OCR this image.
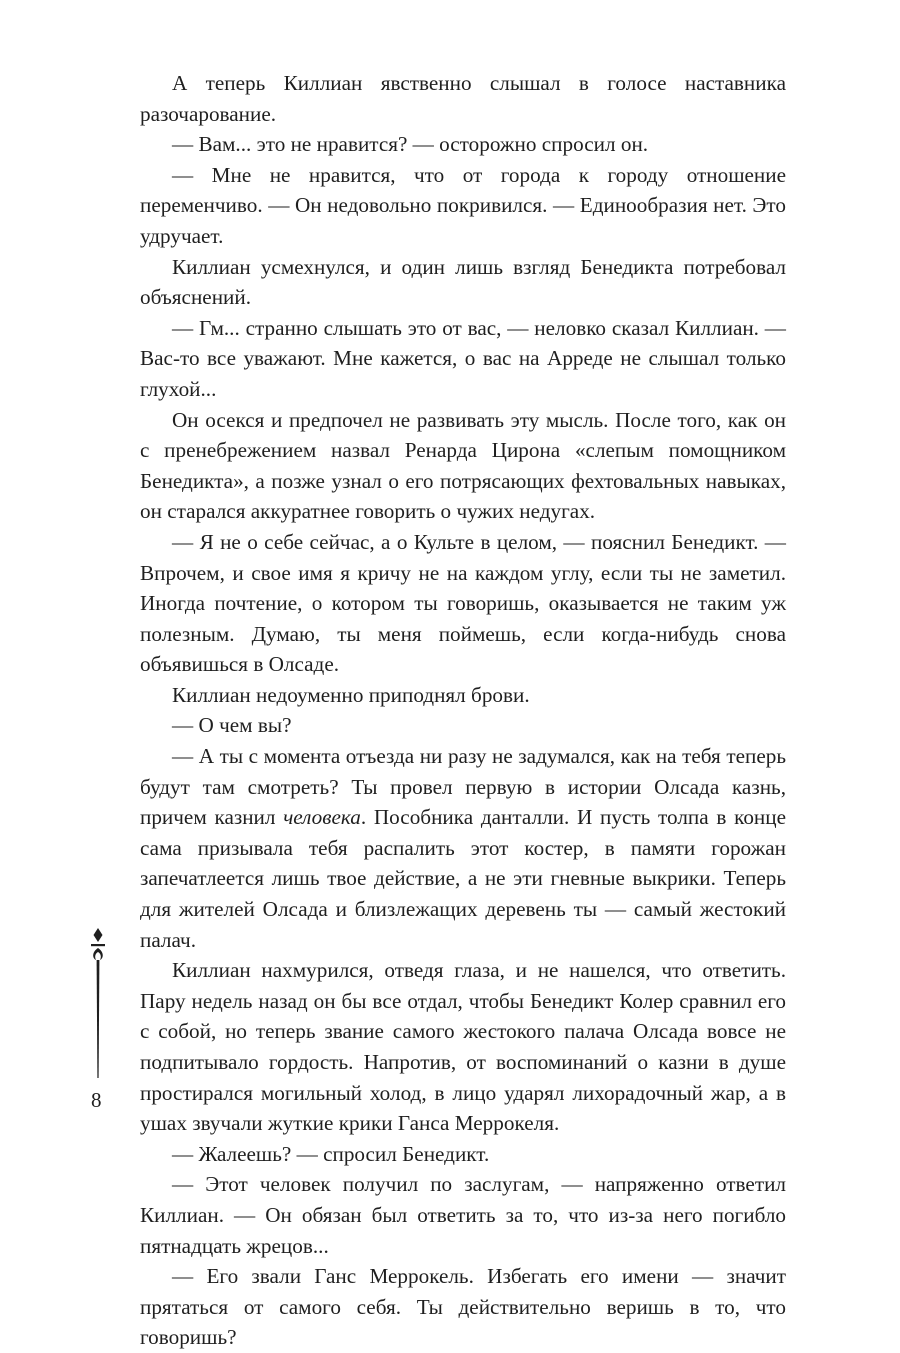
А теперь Киллиан явственно слышал в голосе наставника разочарование.

— Вам... это не нравится? — осторожно спросил он.

— Мне не нравится, что от города к городу отношение переменчиво. — Он недовольно покривился. — Единообразия нет. Это удручает.

Киллиан усмехнулся, и один лишь взгляд Бенедикта потребовал объяснений.

— Гм... странно слышать это от вас, — неловко сказал Киллиан. — Вас-то все уважают. Мне кажется, о вас на Арреде не слышал только глухой...

Он осекся и предпочел не развивать эту мысль. После того, как он с пренебрежением назвал Ренарда Цирона «слепым помощником Бенедикта», а позже узнал о его потрясающих фехтовальных навыках, он старался аккуратнее говорить о чужих недугах.

— Я не о себе сейчас, а о Культе в целом, — пояснил Бенедикт. — Впрочем, и свое имя я кричу не на каждом углу, если ты не заметил. Иногда почтение, о котором ты говоришь, оказывается не таким уж полезным. Думаю, ты меня поймешь, если когда-нибудь снова объявишься в Олсаде.

Киллиан недоуменно приподнял брови.

— О чем вы?

— А ты с момента отъезда ни разу не задумался, как на тебя теперь будут там смотреть? Ты провел первую в истории Олсада казнь, причем казнил человека. Пособника данталли. И пусть толпа в конце сама призывала тебя распалить этот костер, в памяти горожан запечатлеется лишь твое действие, а не эти гневные выкрики. Теперь для жителей Олсада и близлежащих деревень ты — самый жестокий палач.

Киллиан нахмурился, отведя глаза, и не нашелся, что ответить. Пару недель назад он бы все отдал, чтобы Бенедикт Колер сравнил его с собой, но теперь звание самого жестокого палача Олсада вовсе не подпитывало гордость. Напротив, от воспоминаний о казни в душе простирался могильный холод, в лицо ударял лихорадочный жар, а в ушах звучали жуткие крики Ганса Меррокеля.

— Жалеешь? — спросил Бенедикт.

— Этот человек получил по заслугам, — напряженно ответил Киллиан. — Он обязан был ответить за то, что из-за него погибло пятнадцать жрецов...

— Его звали Ганс Меррокель. Избегать его имени — значит прятаться от самого себя. Ты действительно веришь в то, что говоришь?

8
